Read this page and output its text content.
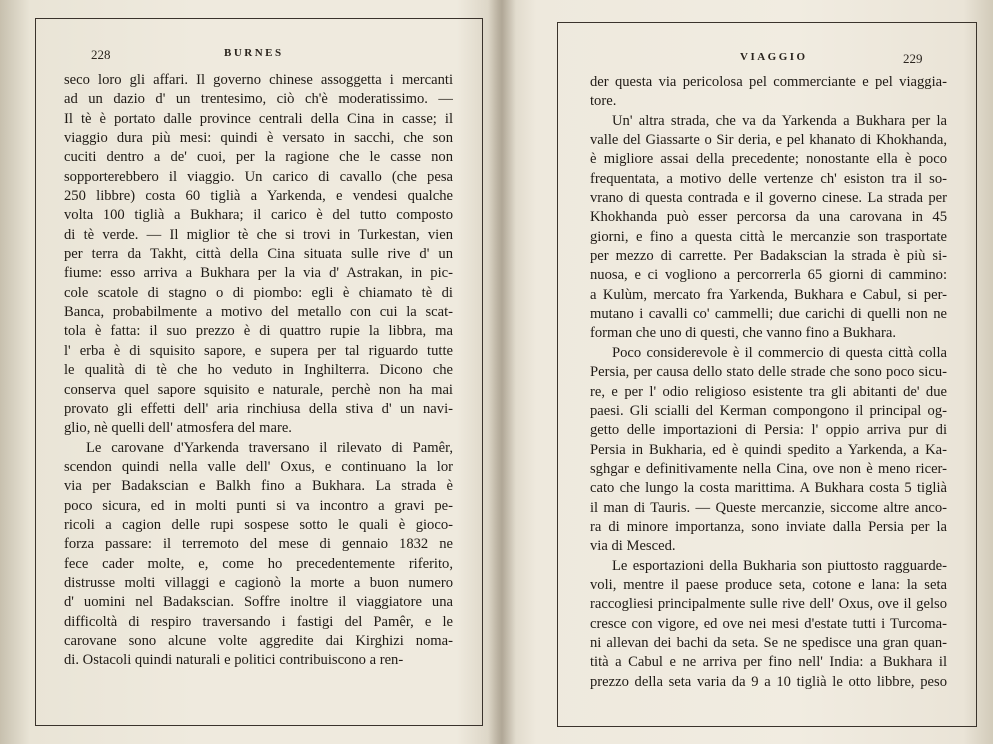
228	BURNES
seco loro gli affari. Il governo chinese assoggetta i mercanti
ad un dazio d' un trentesimo, ciò ch'è moderatissimo. —
Il tè è portato dalle province centrali della Cina in casse; il
viaggio dura più mesi: quindi è versato in sacchi, che son
cuciti dentro a de' cuoi, per la ragione che le casse non
sopporterebbero il viaggio. Un carico di cavallo (che pesa
250 libbre) costa 60 tiglià a Yarkenda, e vendesi qualche
volta 100 tiglià a Bukhara; il carico è del tutto composto
di tè verde. — Il miglior tè che si trovi in Turkestan, vien
per terra da Takht, città della Cina situata sulle rive d' un
fiume: esso arriva a Bukhara per la via d' Astrakan, in pic-
cole scatole di stagno o di piombo: egli è chiamato tè di
Banca, probabilmente a motivo del metallo con cui la scat-
tola è fatta: il suo prezzo è di quattro rupie la libbra, ma
l' erba è di squisito sapore, e supera per tal riguardo tutte
le qualità di tè che ho veduto in Inghilterra. Dicono che
conserva quel sapore squisito e naturale, perchè non ha mai
provato gli effetti dell' aria rinchiusa della stiva d' un navi-
glio, nè quelli dell' atmosfera del mare.
Le carovane d'Yarkenda traversano il rilevato di Pamêr,
scendon quindi nella valle dell' Oxus, e continuano la lor
via per Badakscian e Balkh fino a Bukhara. La strada è
poco sicura, ed in molti punti si va incontro a gravi pe-
ricoli a cagion delle rupi sospese sotto le quali è gioco-
forza passare: il terremoto del mese di gennaio 1832 ne
fece cader molte, e, come ho precedentemente riferito,
distrusse molti villaggi e cagionò la morte a buon numero
d' uomini nel Badakscian. Soffre inoltre il viaggiatore una
difficoltà di respiro traversando i fastigi del Pamêr, e le
carovane sono alcune volte aggredite dai Kirghizi noma-
di. Ostacoli quindi naturali e politici contribuiscono a ren-
VIAGGIO	229
der questa via pericolosa pel commerciante e pel viaggia-
tore.
Un' altra strada, che va da Yarkenda a Bukhara per la
valle del Giassarte o Sir deria, e pel khanato di Khokhanda,
è migliore assai della precedente; nonostante ella è poco
frequentata, a motivo delle vertenze ch' esiston tra il so-
vrano di questa contrada e il governo cinese. La strada per
Khokhanda può esser percorsa da una carovana in 45
giorni, e fino a questa città le mercanzie son trasportate
per mezzo di carrette. Per Badakscian la strada è più si-
nuosa, e ci vogliono a percorrerla 65 giorni di cammino:
a Kulùm, mercato fra Yarkenda, Bukhara e Cabul, si per-
mutano i cavalli co' cammelli; due carichi di quelli non ne
forman che uno di questi, che vanno fino a Bukhara.
Poco considerevole è il commercio di questa città colla
Persia, per causa dello stato delle strade che sono poco sicu-
re, e per l' odio religioso esistente tra gli abitanti de' due
paesi. Gli scialli del Kerman compongono il principal og-
getto delle importazioni di Persia: l' oppio arriva pur di
Persia in Bukharia, ed è quindi spedito a Yarkenda, a Ka-
sghgar e definitivamente nella Cina, ove non è meno ricer-
cato che lungo la costa marittima. A Bukhara costa 5 tiglià
il man di Tauris. — Queste mercanzie, siccome altre anco-
ra di minore importanza, sono inviate dalla Persia per la
via di Mesced.
Le esportazioni della Bukharia son piuttosto ragguarde-
voli, mentre il paese produce seta, cotone e lana: la seta
raccogliesi principalmente sulle rive dell' Oxus, ove il gelso
cresce con vigore, ed ove nei mesi d'estate tutti i Turcoma-
ni allevan dei bachi da seta. Se ne spedisce una gran quan-
tità a Cabul e ne arriva per fino nell' India: a Bukhara il
prezzo della seta varia da 9 a 10 tiglià le otto libbre, peso
